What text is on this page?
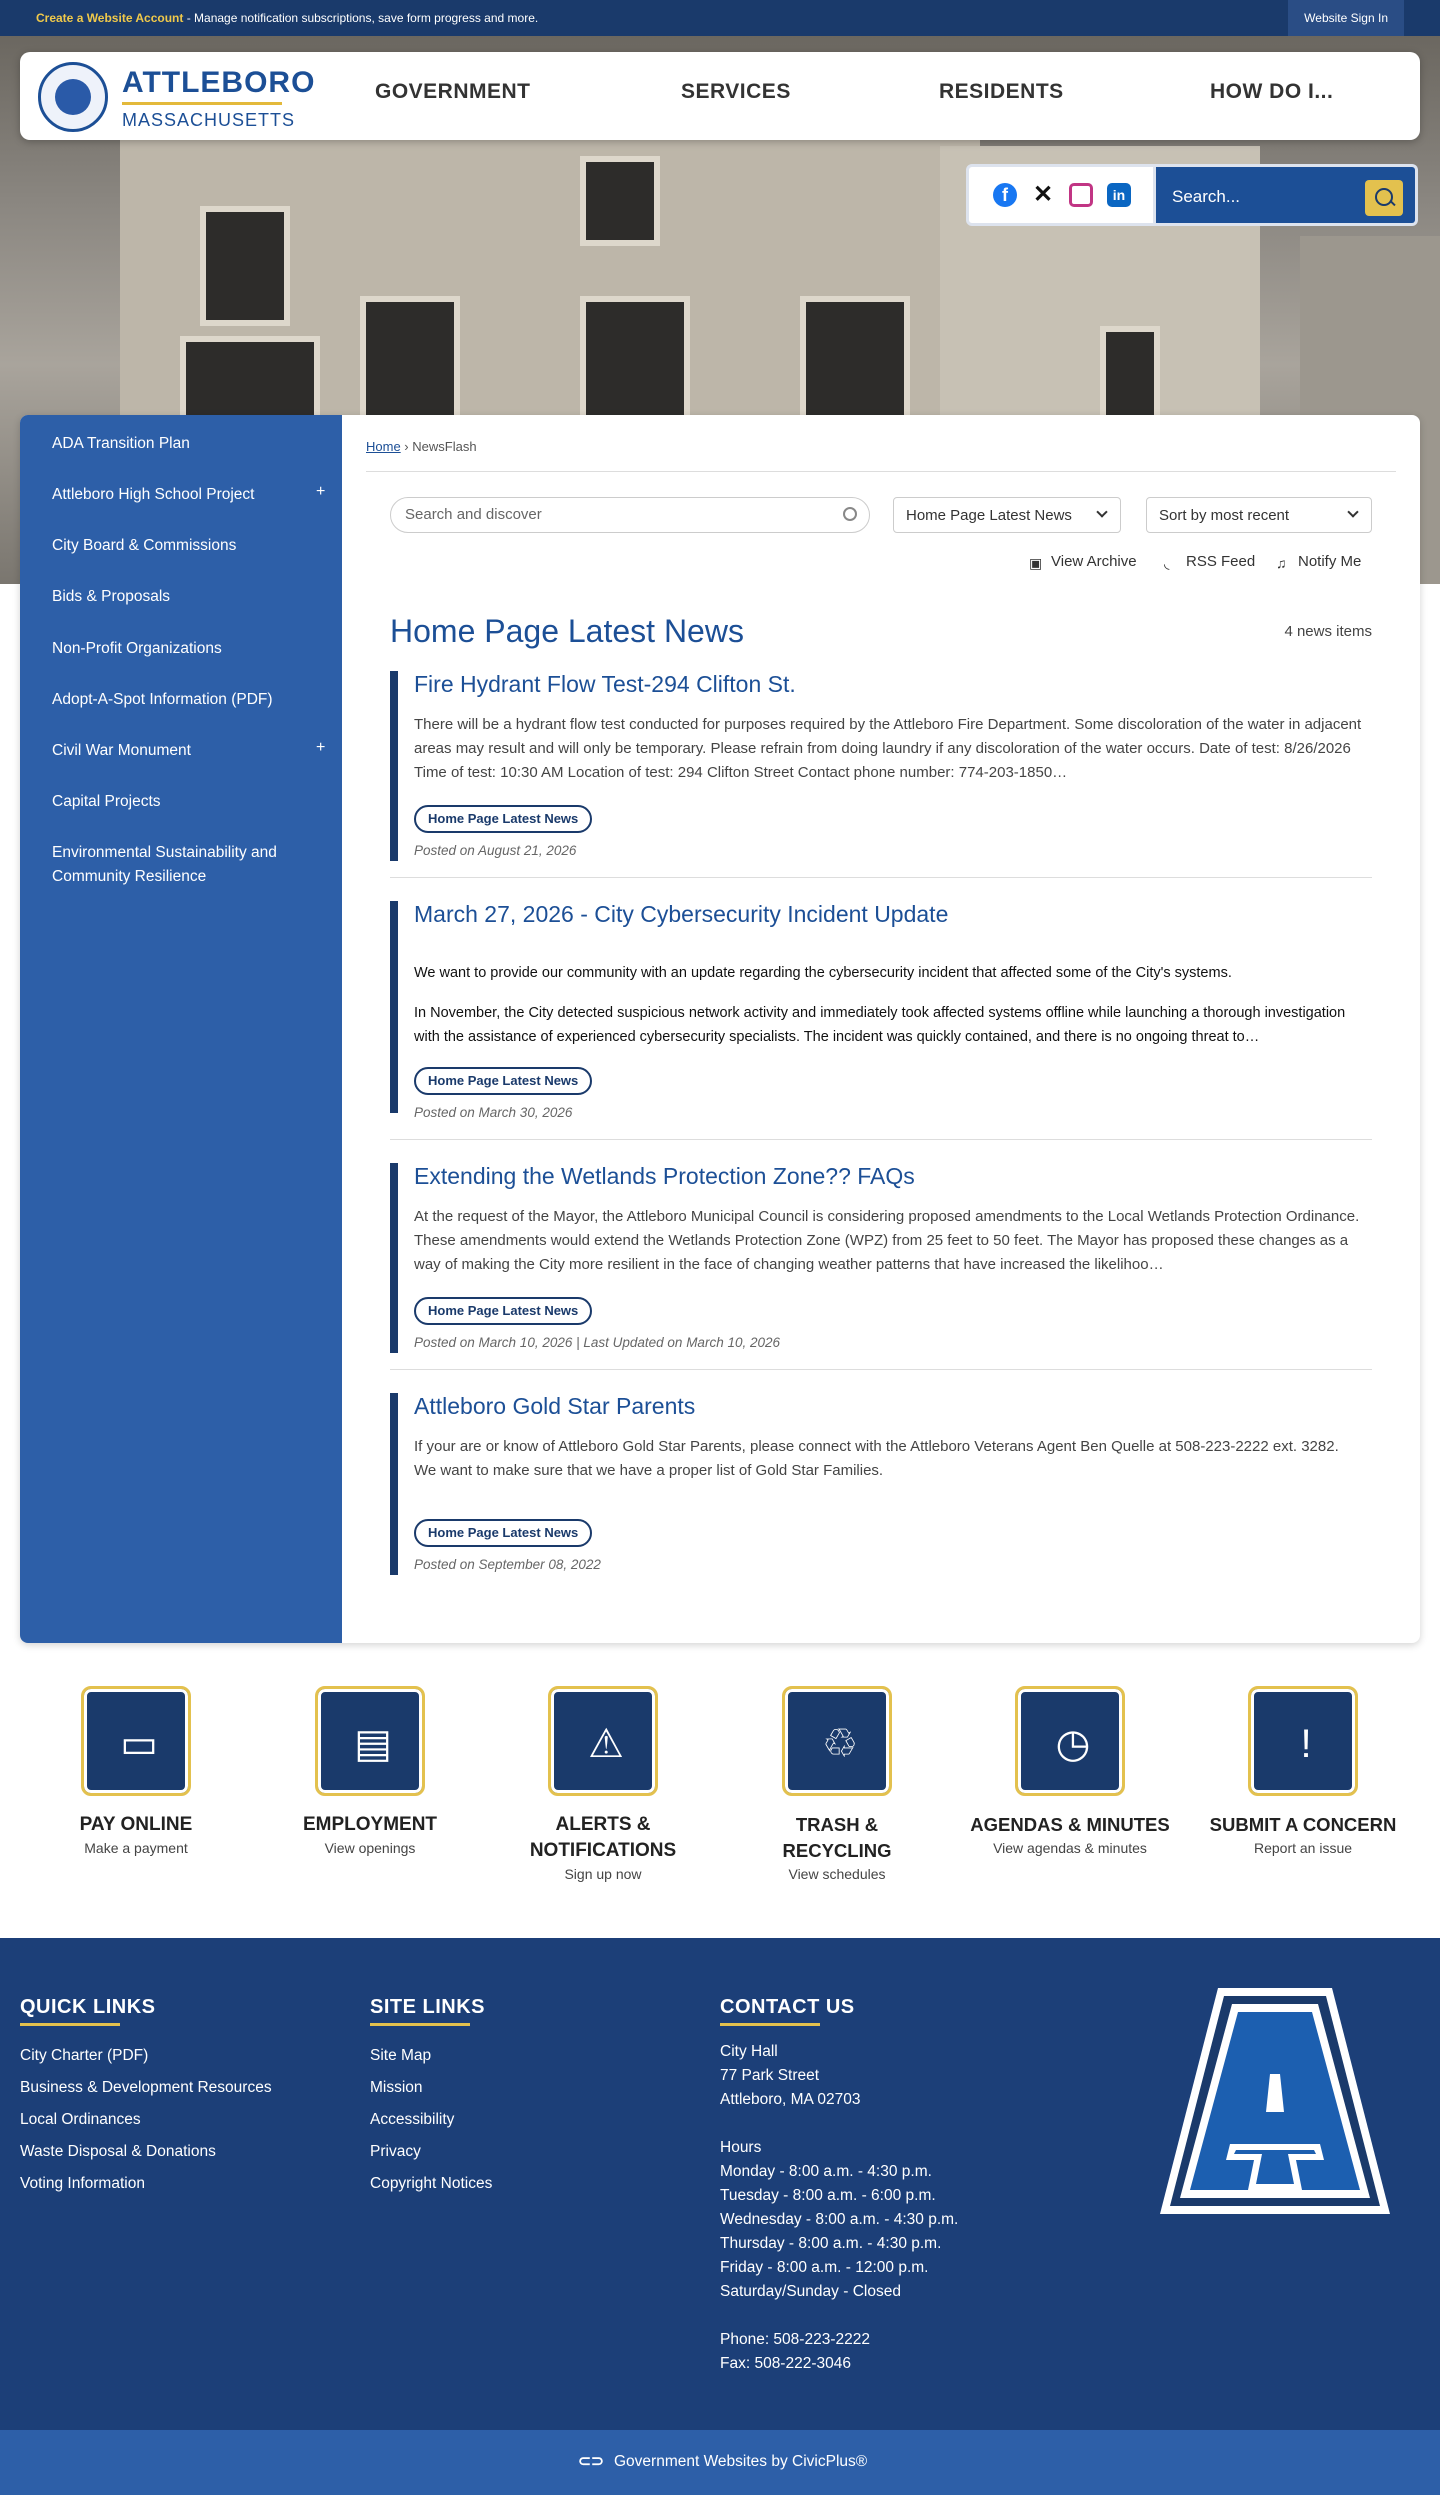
Create a Website Account - Manage notification subscriptions, save form progress and more.	Website Sign In
ATTLEBORO
MASSACHUSETTS
GOVERNMENT	SERVICES	RESIDENTS	HOW DO I...
f	✕	in	Search...
ADA Transition Plan
Attleboro High School Project	+
City Board & Commissions
Bids & Proposals
Non-Profit Organizations
Adopt-A-Spot Information (PDF)
Civil War Monument	+
Capital Projects
Environmental Sustainability and Community Resilience
Home › NewsFlash
Search and discover	Home Page Latest News	Sort by most recent
▣ View Archive ◟ RSS Feed ♫ Notify Me
Home Page Latest News	4 news items
Fire Hydrant Flow Test-294 Clifton St.
There will be a hydrant flow test conducted for purposes required by the Attleboro Fire Department. Some discoloration of the water in adjacent areas may result and will only be temporary. Please refrain from doing laundry if any discoloration of the water occurs. Date of test: 8/26/2026 Time of test: 10:30 AM Location of test: 294 Clifton Street Contact phone number: 774-203-1850…
Home Page Latest News
Posted on August 21, 2026
March 27, 2026 - City Cybersecurity Incident Update
We want to provide our community with an update regarding the cybersecurity incident that affected some of the City's systems.
In November, the City detected suspicious network activity and immediately took affected systems offline while launching a thorough investigation with the assistance of experienced cybersecurity specialists. The incident was quickly contained, and there is no ongoing threat to…
Home Page Latest News
Posted on March 30, 2026
Extending the Wetlands Protection Zone?? FAQs
At the request of the Mayor, the Attleboro Municipal Council is considering proposed amendments to the Local Wetlands Protection Ordinance. These amendments would extend the Wetlands Protection Zone (WPZ) from 25 feet to 50 feet. The Mayor has proposed these changes as a way of making the City more resilient in the face of changing weather patterns that have increased the likelihoo…
Home Page Latest News
Posted on March 10, 2026 | Last Updated on March 10, 2026
Attleboro Gold Star Parents
If your are or know of Attleboro Gold Star Parents, please connect with the Attleboro Veterans Agent Ben Quelle at 508-223-2222 ext. 3282. We want to make sure that we have a proper list of Gold Star Families.
Home Page Latest News
Posted on September 08, 2022
▭
PAY ONLINE
Make a payment
▤
EMPLOYMENT
View openings
⚠
ALERTS & NOTIFICATIONS
Sign up now
♲
TRASH & RECYCLING
View schedules
◷
AGENDAS & MINUTES
View agendas & minutes
!
SUBMIT A CONCERN
Report an issue
QUICK LINKS
City Charter (PDF)
Business & Development Resources
Local Ordinances
Waste Disposal & Donations
Voting Information
SITE LINKS
Site Map
Mission
Accessibility
Privacy
Copyright Notices
CONTACT US
City Hall
77 Park Street
Attleboro, MA 02703
Hours
Monday - 8:00 a.m. - 4:30 p.m.
Tuesday - 8:00 a.m. - 6:00 p.m.
Wednesday - 8:00 a.m. - 4:30 p.m.
Thursday - 8:00 a.m. - 4:30 p.m.
Friday - 8:00 a.m. - 12:00 p.m.
Saturday/Sunday - Closed
Phone: 508-223-2222
Fax: 508-222-3046
⊂⊃ Government Websites by CivicPlus®
